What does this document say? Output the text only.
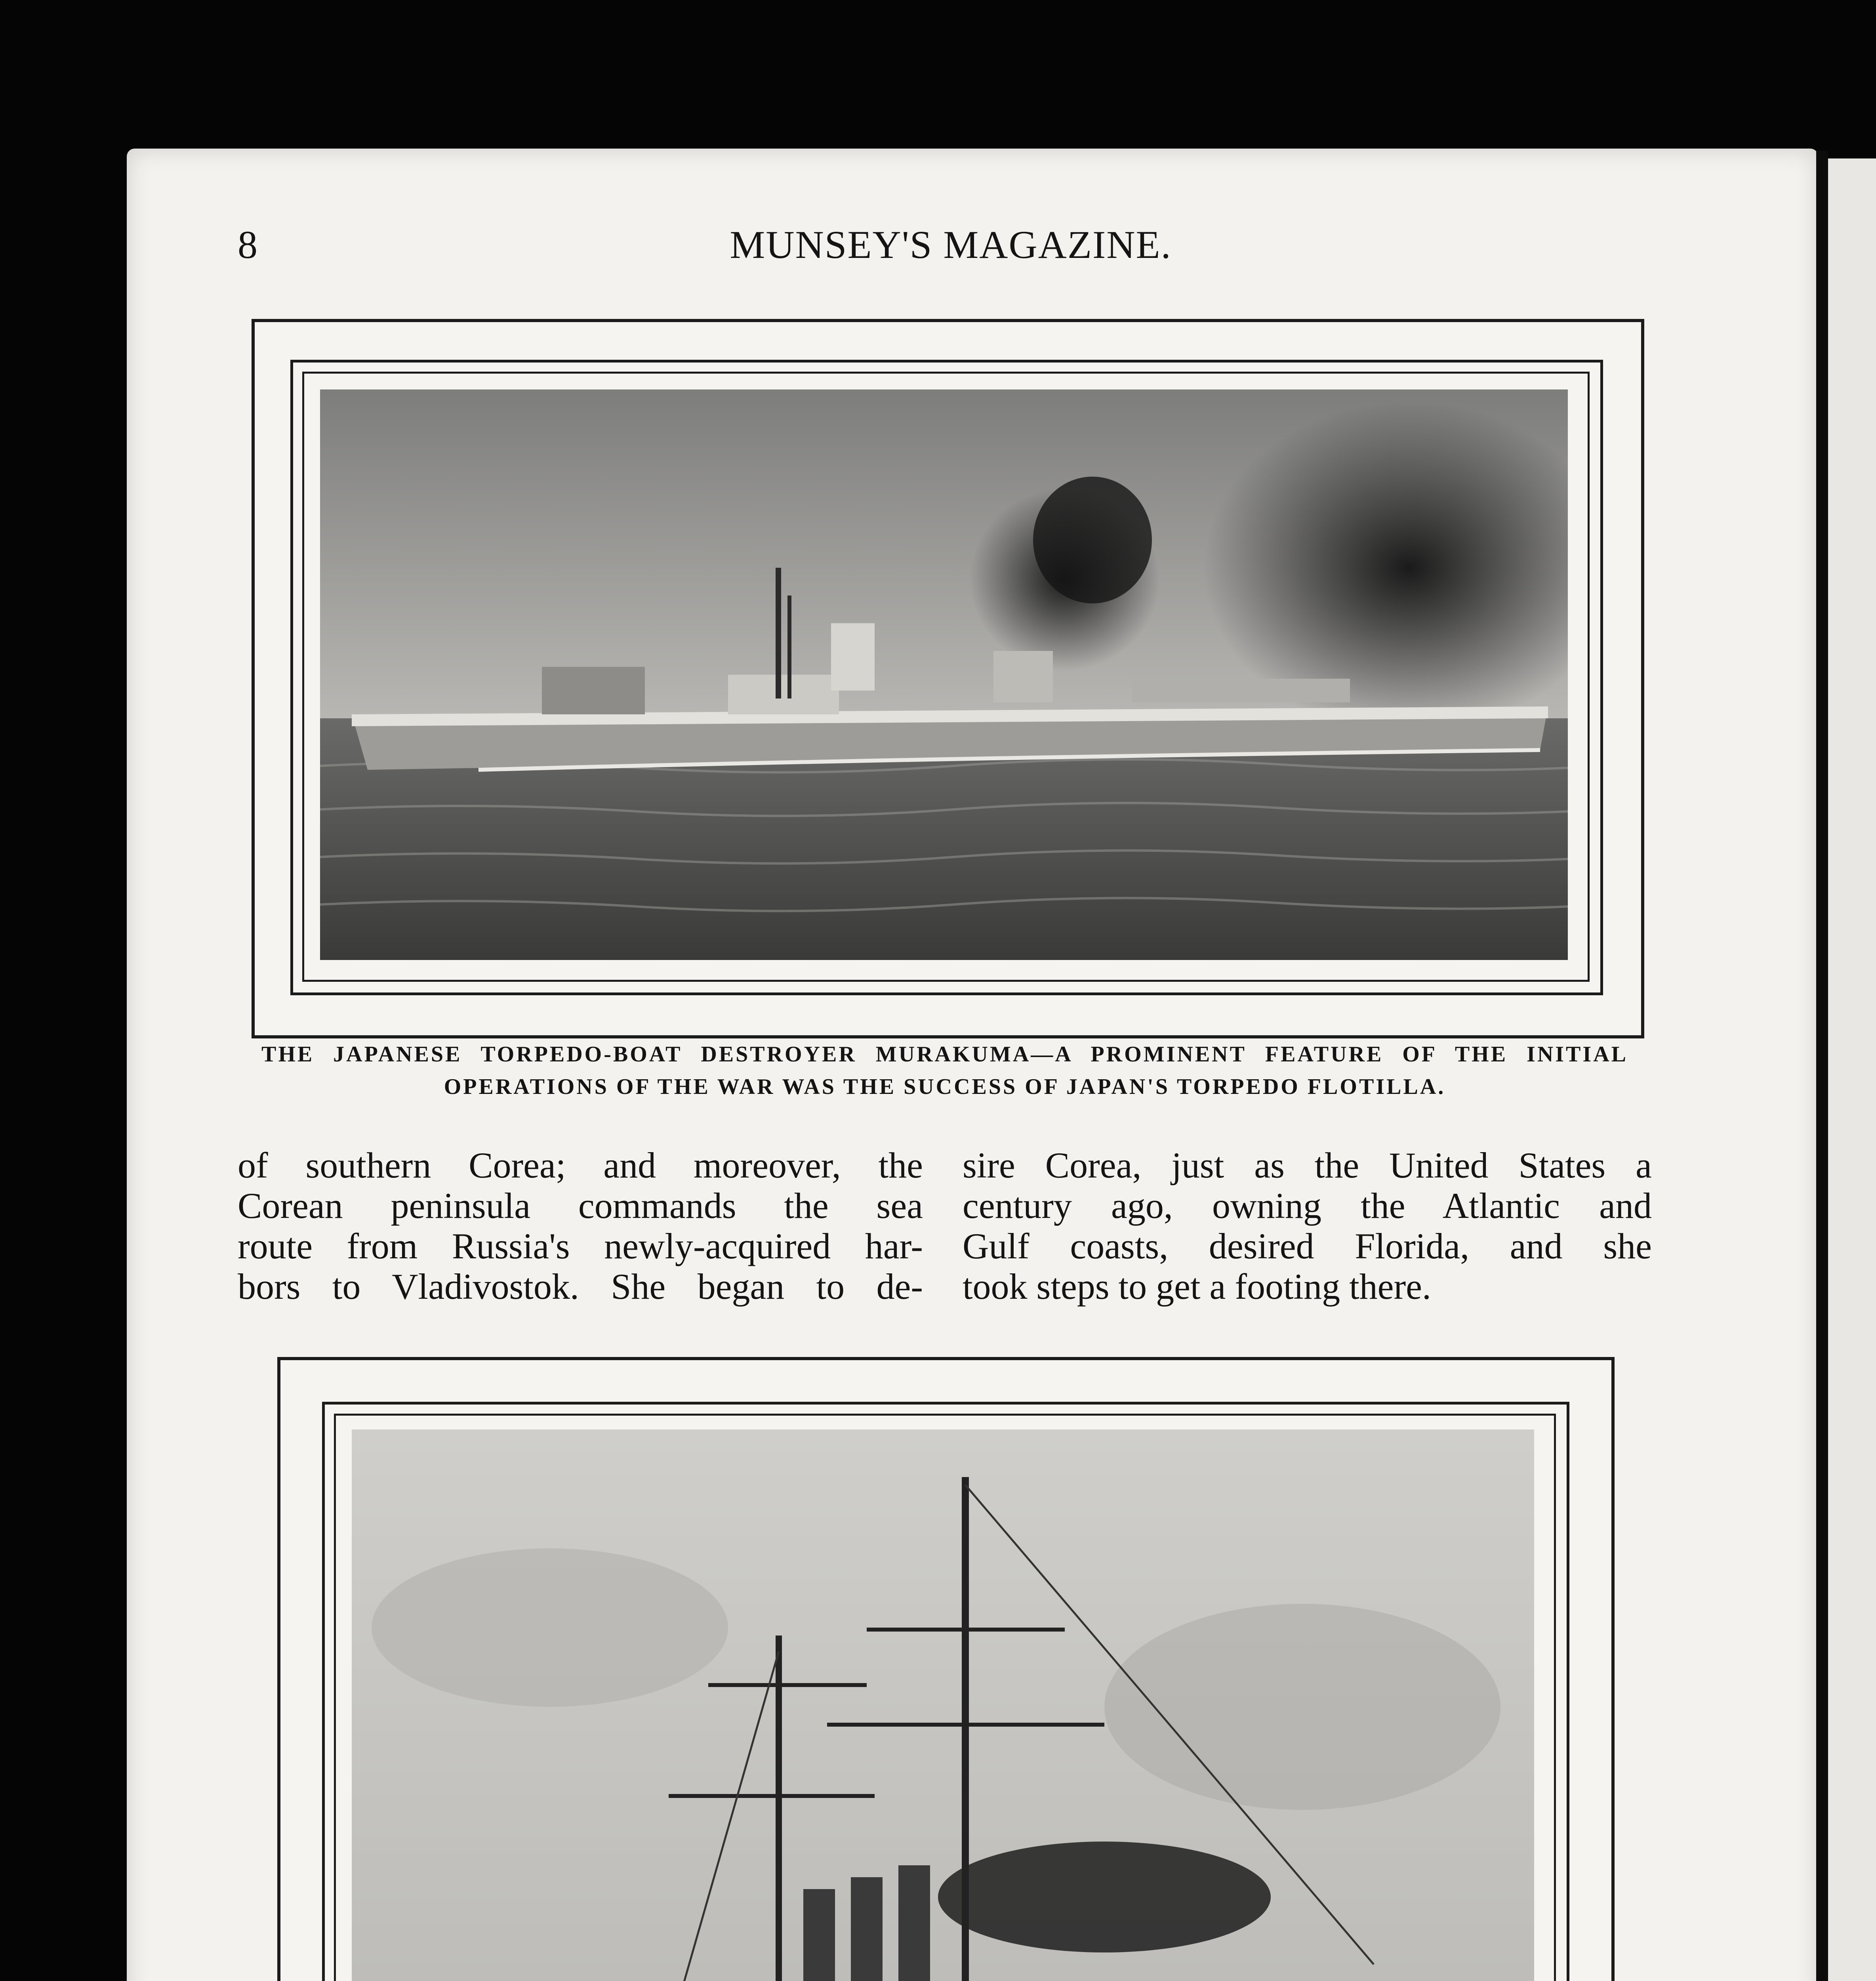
8	MUNSEY'S MAGAZINE.
THE JAPANESE TORPEDO-BOAT DESTROYER MURAKUMA—A PROMINENT FEATURE OF THE INITIAL
OPERATIONS OF THE WAR WAS THE SUCCESS OF JAPAN'S TORPEDO FLOTILLA.
of southern Corea; and moreover, the
Corean peninsula commands the sea
route from Russia's newly-acquired har-
bors to Vladivostok. She began to de-
sire Corea, just as the United States a
century ago, owning the Atlantic and
Gulf coasts, desired Florida, and she
took steps to get a footing there.
